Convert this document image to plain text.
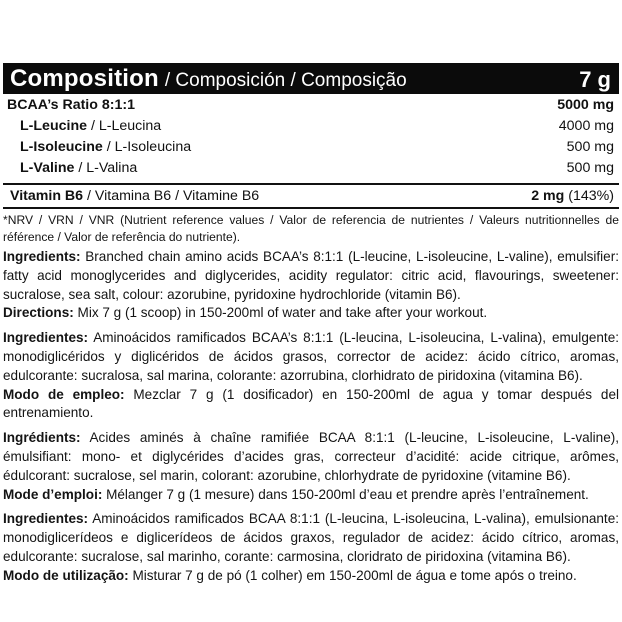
Composition / Composición / Composição	7 g
BCAA’s Ratio 8:1:1	5000 mg
L-Leucine / L-Leucina	4000 mg
L-Isoleucine / L-Isoleucina	500 mg
L-Valine / L-Valina	500 mg
Vitamin B6 / Vitamina B6 / Vitamine B6	2 mg (143%)

*NRV / VRN / VNR (Nutrient reference values / Valor de referencia de nutrientes / Valeurs nutritionnelles de référence / Valor de referência do nutriente).

Ingredients: Branched chain amino acids BCAA’s 8:1:1 (L-leucine, L-isoleucine, L-valine), emulsifier: fatty acid monoglycerides and diglycerides, acidity regulator: citric acid, flavourings, sweetener: sucralose, sea salt, colour: azorubine, pyridoxine hydrochloride (vitamin B6).

Directions: Mix 7 g (1 scoop) in 150-200ml of water and take after your workout.

Ingredientes: Aminoácidos ramificados BCAA’s 8:1:1 (L-leucina, L-isoleucina, L-valina), emulgente: monodiglicéridos y diglicéridos de ácidos grasos, corrector de acidez: ácido cítrico, aromas, edulcorante: sucralosa, sal marina, colorante: azorrubina, clorhidrato de piridoxina (vitamina B6).

Modo de empleo: Mezclar 7 g (1 dosificador) en 150-200ml de agua y tomar después del entrenamiento.

Ingrédients: Acides aminés à chaîne ramifiée BCAA 8:1:1 (L-leucine, L-isoleucine, L-valine), émulsifiant: mono- et diglycérides d’acides gras, correcteur d’acidité: acide citrique, arômes, édulcorant: sucralose, sel marin, colorant: azorubine, chlorhydrate de pyridoxine (vitamine B6).

Mode d’emploi: Mélanger 7 g (1 mesure) dans 150-200ml d’eau et prendre après l’entraînement.

Ingredientes: Aminoácidos ramificados BCAA 8:1:1 (L-leucina, L-isoleucina, L-valina), emulsionante: monodiglicerídeos e diglicerídeos de ácidos graxos, regulador de acidez: ácido cítrico, aromas, edulcorante: sucralose, sal marinho, corante: carmosina, cloridrato de piridoxina (vitamina B6).

Modo de utilização: Misturar 7 g de pó (1 colher) em 150-200ml de água e tome após o treino.
